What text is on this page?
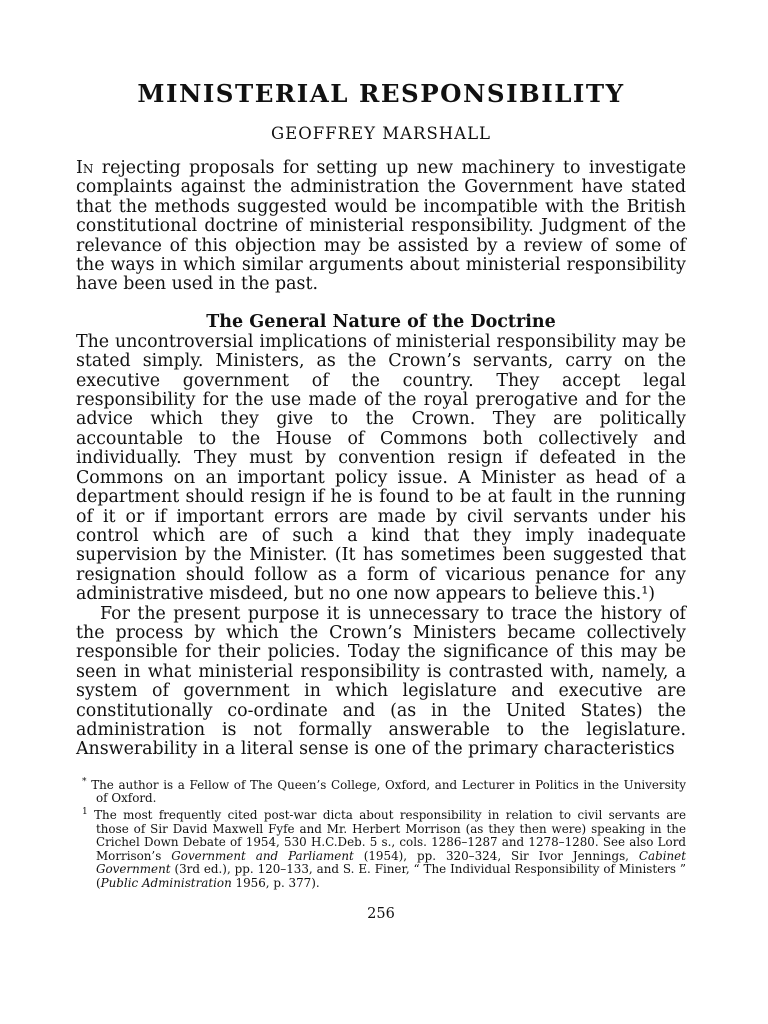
MINISTERIAL RESPONSIBILITY
GEOFFREY MARSHALL

In rejecting proposals for setting up new machinery to investigate complaints against the administration the Government have stated that the methods suggested would be incompatible with the British constitutional doctrine of ministerial responsibility. Judgment of the relevance of this objection may be assisted by a review of some of the ways in which similar arguments about ministerial responsibility have been used in the past.

The General Nature of the Doctrine

The uncontroversial implications of ministerial responsibility may be stated simply. Ministers, as the Crown’s servants, carry on the executive government of the country. They accept legal responsibility for the use made of the royal prerogative and for the advice which they give to the Crown. They are politically accountable to the House of Commons both collectively and individually. They must by convention resign if defeated in the Commons on an important policy issue. A Minister as head of a department should resign if he is found to be at fault in the running of it or if important errors are made by civil servants under his control which are of such a kind that they imply inadequate supervision by the Minister. (It has sometimes been suggested that resignation should follow as a form of vicarious penance for any administrative misdeed, but no one now appears to believe this.¹)

For the present purpose it is unnecessary to trace the history of the process by which the Crown’s Ministers became collectively responsible for their policies. Today the significance of this may be seen in what ministerial responsibility is contrasted with, namely, a system of government in which legislature and executive are constitutionally co-ordinate and (as in the United States) the administration is not formally answerable to the legislature. Answerability in a literal sense is one of the primary characteristics

* The author is a Fellow of The Queen’s College, Oxford, and Lecturer in Politics in the University of Oxford.

$^1$ The most frequently cited post-war dicta about responsibility in relation to civil servants are those of Sir David Maxwell Fyfe and Mr. Herbert Morrison (as they then were) speaking in the Crichel Down Debate of 1954, 530 H.C.Deb. 5 s., cols. 1286–1287 and 1278–1280. See also Lord Morrison’s Government and Parliament (1954), pp. 320–324, Sir Ivor Jennings, Cabinet Government (3rd ed.), pp. 120–133, and S. E. Finer, “ The Individual Responsibility of Ministers ” (Public Administration 1956, p. 377).

256
